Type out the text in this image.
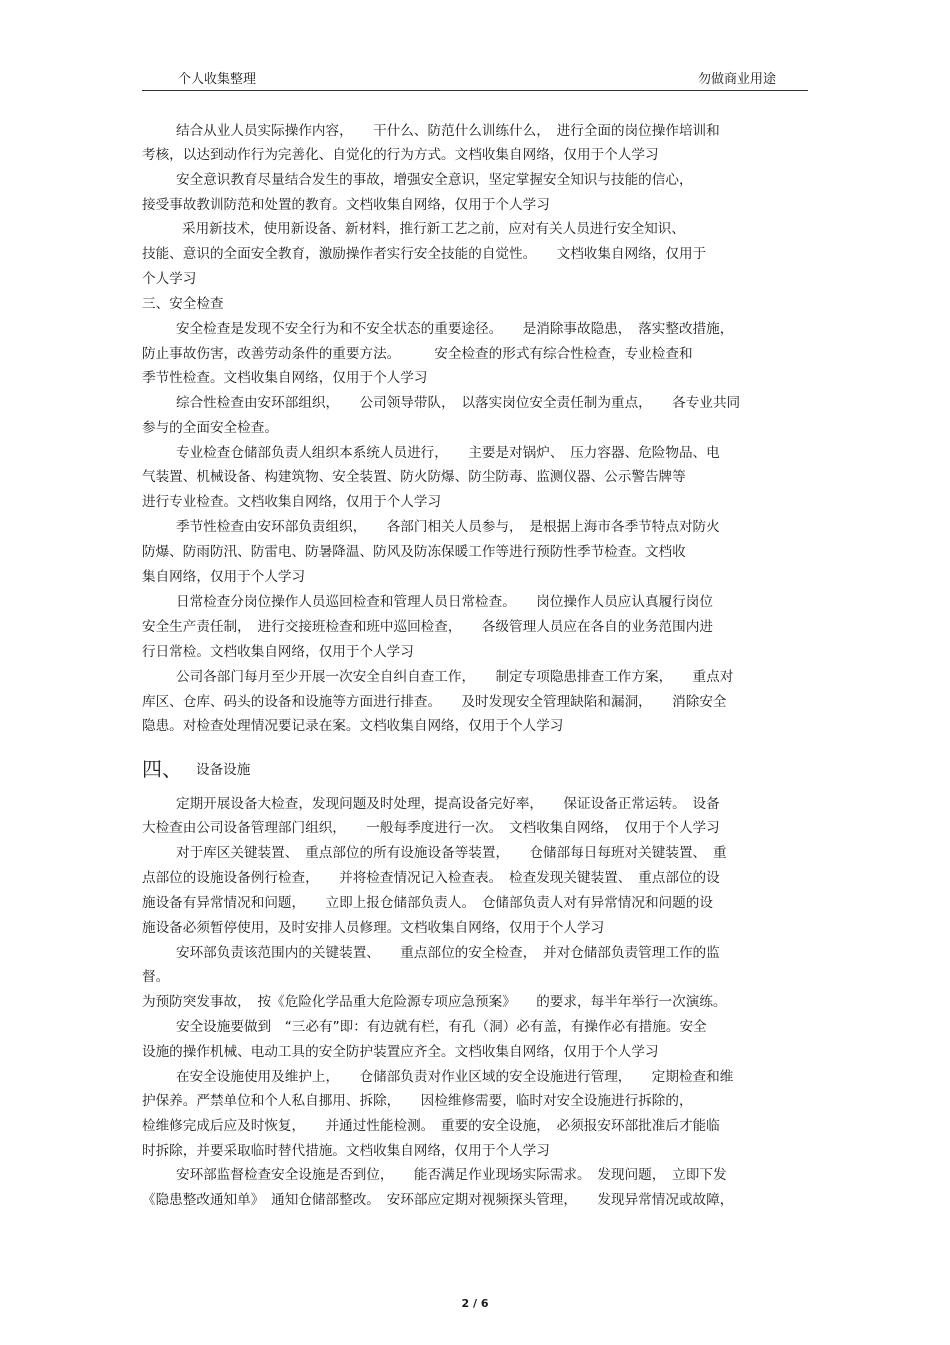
个人收集整理	勿做商业用途
结合从业人员实际操作内容，　　干什么、防范什么训练什么，　进行全面的岗位操作培训和
考核，以达到动作行为完善化、自觉化的行为方式。文档收集自网络，仅用于个人学习
安全意识教育尽量结合发生的事故，增强安全意识，坚定掌握安全知识与技能的信心，
接受事故教训防范和处置的教育。文档收集自网络，仅用于个人学习
采用新技术，使用新设备、新材料，推行新工艺之前，应对有关人员进行安全知识、
技能、意识的全面安全教育，激励操作者实行安全技能的自觉性。　　文档收集自网络，仅用于
个人学习
三、安全检查
安全检查是发现不安全行为和不安全状态的重要途径。　　是消除事故隐患，　落实整改措施，
防止事故伤害，改善劳动条件的重要方法。　　　安全检查的形式有综合性检查，专业检查和
季节性检查。文档收集自网络，仅用于个人学习
综合性检查由安环部组织，　　公司领导带队，　以落实岗位安全责任制为重点，　　各专业共同
参与的全面安全检查。
专业检查仓储部负责人组织本系统人员进行，　　主要是对锅炉、　压力容器、危险物品、电
气装置、机械设备、构建筑物、安全装置、防火防爆、防尘防毒、监测仪器、公示警告牌等
进行专业检查。文档收集自网络，仅用于个人学习
季节性检查由安环部负责组织，　　各部门相关人员参与，　是根据上海市各季节特点对防火
防爆、防雨防汛、防雷电、防暑降温、防风及防冻保暖工作等进行预防性季节检查。文档收
集自网络，仅用于个人学习
日常检查分岗位操作人员巡回检查和管理人员日常检查。　　岗位操作人员应认真履行岗位
安全生产责任制，　进行交接班检查和班中巡回检查，　　各级管理人员应在各自的业务范围内进
行日常检。文档收集自网络，仅用于个人学习
公司各部门每月至少开展一次安全自纠自查工作，　　制定专项隐患排查工作方案，　　重点对
库区、仓库、码头的设备和设施等方面进行排查。　　及时发现安全管理缺陷和漏洞，　　消除安全
隐患。对检查处理情况要记录在案。文档收集自网络，仅用于个人学习
四、 设备设施
定期开展设备大检查，发现问题及时处理，提高设备完好率，　　保证设备正常运转。　设备
大检查由公司设备管理部门组织，　　一般每季度进行一次。　文档收集自网络，　仅用于个人学习
对于库区关键装置、　重点部位的所有设施设备等装置，　　仓储部每日每班对关键装置、　重
点部位的设施设备例行检查，　　并将检查情况记入检查表。　检查发现关键装置、　重点部位的设
施设备有异常情况和问题，　　立即上报仓储部负责人。　仓储部负责人对有异常情况和问题的设
施设备必须暂停使用，及时安排人员修理。文档收集自网络，仅用于个人学习
安环部负责该范围内的关键装置、　　重点部位的安全检查，　并对仓储部负责管理工作的监
督。
为预防突发事故，　按《危险化学品重大危险源专项应急预案》　　的要求，每半年举行一次演练。
安全设施要做到　“三必有”即：有边就有栏，有孔（洞）必有盖，有操作必有措施。安全
设施的操作机械、电动工具的安全防护装置应齐全。文档收集自网络，仅用于个人学习
在安全设施使用及维护上，　　仓储部负责对作业区域的安全设施进行管理，　　定期检查和维
护保养。严禁单位和个人私自挪用、拆除，　　因检维修需要，临时对安全设施进行拆除的，
检维修完成后应及时恢复，　　并通过性能检测。　重要的安全设施，　必须报安环部批准后才能临
时拆除，并要采取临时替代措施。文档收集自网络，仅用于个人学习
安环部监督检查安全设施是否到位，　　能否满足作业现场实际需求。　发现问题，　立即下发
《隐患整改通知单》　通知仓储部整改。　安环部应定期对视频探头管理，　　发现异常情况或故障，
2 / 6
